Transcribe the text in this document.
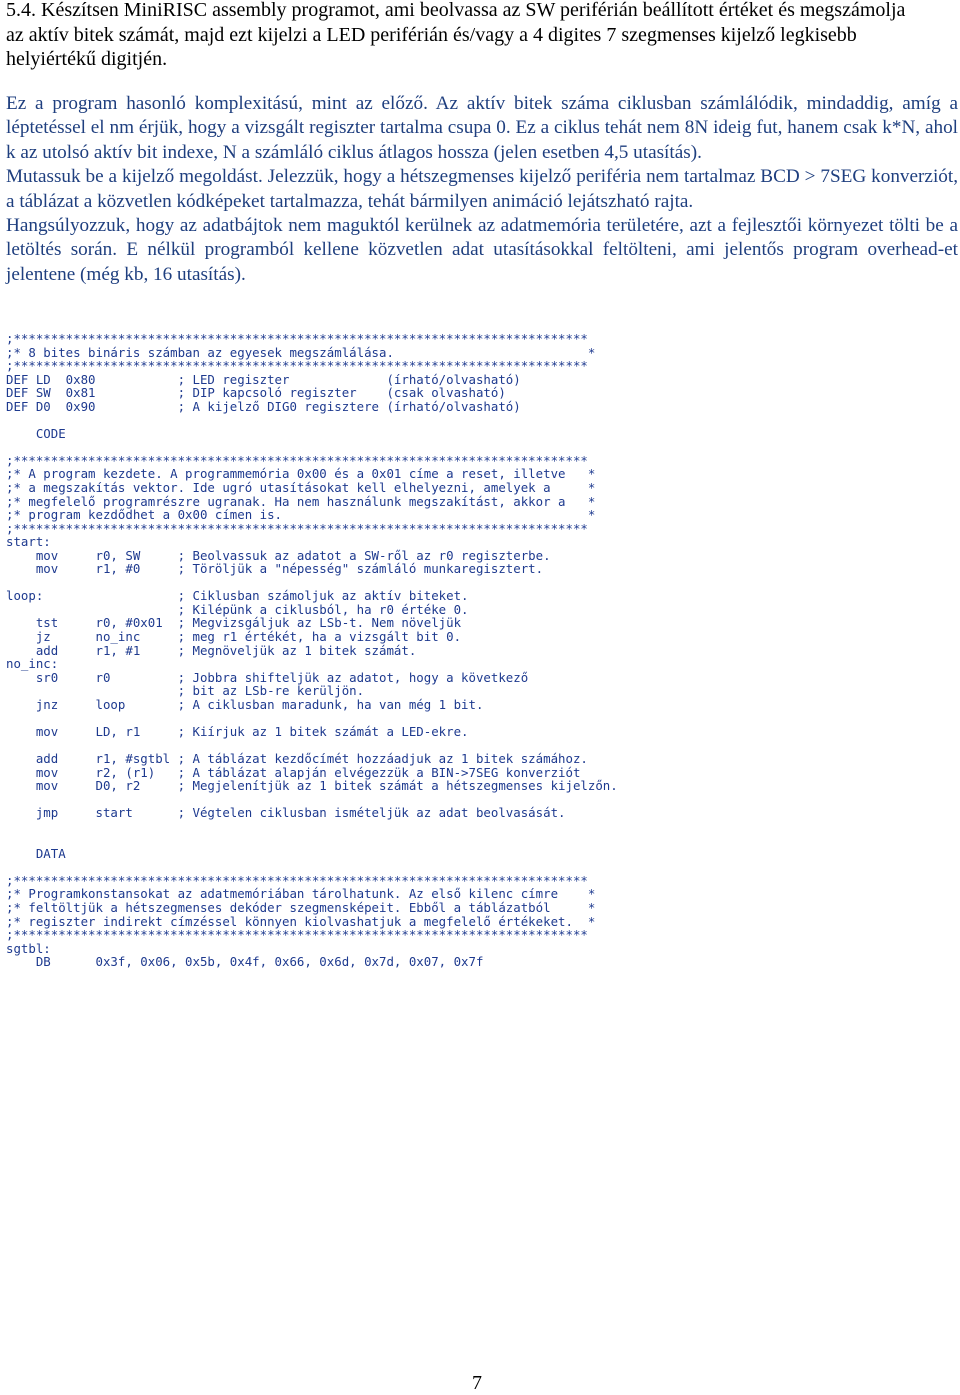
5.4. Készítsen MiniRISC assembly programot, ami beolvassa az SW periférián beállított értéket és megszámolja
az aktív bitek számát, majd ezt kijelzi a LED periférián és/vagy a 4 digites 7 szegmenses kijelző legkisebb
helyiértékű digitjén.

Ez a program hasonló komplexitású, mint az előző. Az aktív bitek száma ciklusban számlálódik, mindaddig, amíg a léptetéssel el nm érjük, hogy a vizsgált regiszter tartalma csupa 0. Ez a ciklus tehát nem 8N ideig fut, hanem csak k*N, ahol k az utolsó aktív bit indexe, N a számláló ciklus átlagos hossza (jelen esetben 4,5 utasítás).

Mutassuk be a kijelző megoldást. Jelezzük, hogy a hétszegmenses kijelző periféria nem tartalmaz BCD > 7SEG konverziót, a táblázat a közvetlen kódképeket tartalmazza, tehát bármilyen animáció lejátszható rajta.

Hangsúlyozzuk, hogy az adatbájtok nem maguktól kerülnek az adatmemória területére, azt a fejlesztői környezet tölti be a letöltés során. E nélkül programból kellene közvetlen adat utasításokkal feltölteni, ami jelentős program overhead-et jelentene (még kb, 16 utasítás).

;*****************************************************************************
;* 8 bites bináris számban az egyesek megszámlálása.                          *
;*****************************************************************************
DEF LD  0x80           ; LED regiszter             (írható/olvasható)
DEF SW  0x81           ; DIP kapcsoló regiszter    (csak olvasható)
DEF D0  0x90           ; A kijelző DIG0 regisztere (írható/olvasható)
CODE
;*****************************************************************************
;* A program kezdete. A programmemória 0x00 és a 0x01 címe a reset, illetve   *
;* a megszakítás vektor. Ide ugró utasításokat kell elhelyezni, amelyek a     *
;* megfelelő programrészre ugranak. Ha nem használunk megszakítást, akkor a   *
;* program kezdődhet a 0x00 címen is.                                         *
;*****************************************************************************
start:
mov     r0, SW     ; Beolvassuk az adatot a SW-ről az r0 regiszterbe.
mov     r1, #0     ; Töröljük a "népesség" számláló munkaregisztert.
loop:                  ; Ciklusban számoljuk az aktív biteket.
; Kilépünk a ciklusból, ha r0 értéke 0.
tst     r0, #0x01  ; Megvizsgáljuk az LSb-t. Nem növeljük
jz      no_inc     ; meg r1 értékét, ha a vizsgált bit 0.
add     r1, #1     ; Megnöveljük az 1 bitek számát.
no_inc:
sr0     r0         ; Jobbra shifteljük az adatot, hogy a következő
; bit az LSb-re kerüljön.
jnz     loop       ; A ciklusban maradunk, ha van még 1 bit.
mov     LD, r1     ; Kiírjuk az 1 bitek számát a LED-ekre.
add     r1, #sgtbl ; A táblázat kezdőcímét hozzáadjuk az 1 bitek számához.
mov     r2, (r1)   ; A táblázat alapján elvégezzük a BIN->7SEG konverziót
mov     D0, r2     ; Megjelenítjük az 1 bitek számát a hétszegmenses kijelzőn.
jmp     start      ; Végtelen ciklusban ismételjük az adat beolvasását.
DATA
;*****************************************************************************
;* Programkonstansokat az adatmemóriában tárolhatunk. Az első kilenc címre    *
;* feltöltjük a hétszegmenses dekóder szegmensképeit. Ebből a táblázatból     *
;* regiszter indirekt címzéssel könnyen kiolvashatjuk a megfelelő értékeket.  *
;*****************************************************************************
sgtbl:
DB      0x3f, 0x06, 0x5b, 0x4f, 0x66, 0x6d, 0x7d, 0x07, 0x7f
7
